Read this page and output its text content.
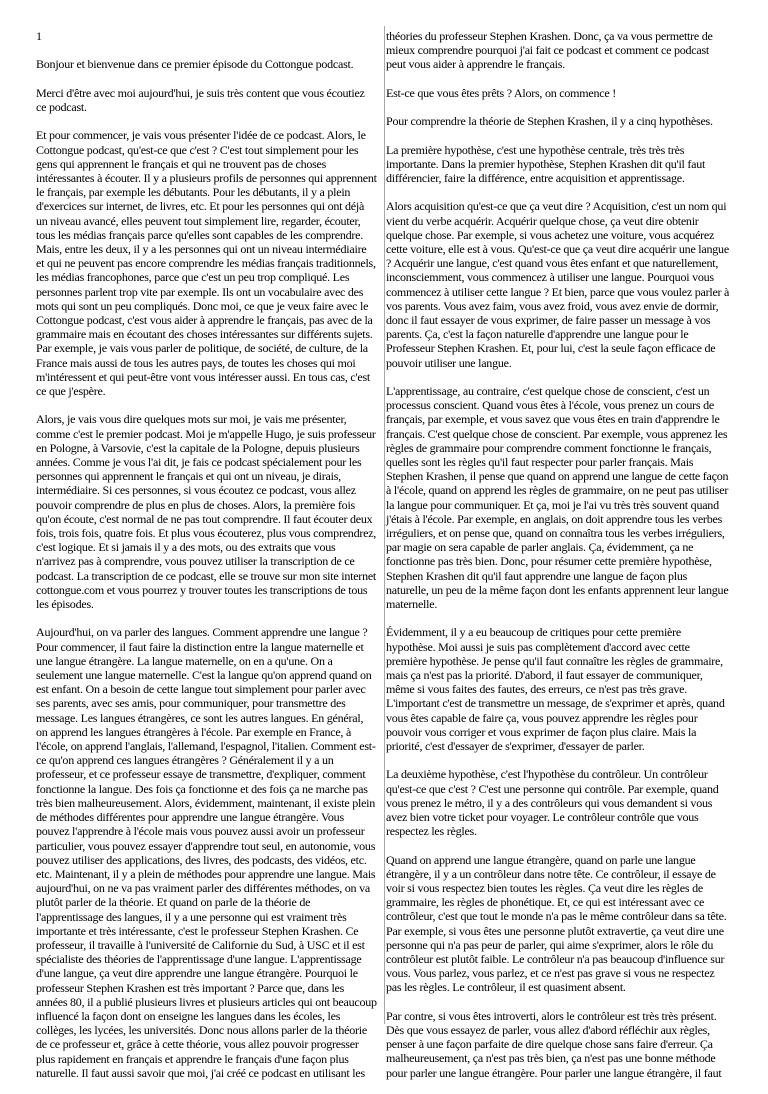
1

Bonjour et bienvenue dans ce premier épisode du Cottongue podcast.

Merci d'être avec moi aujourd'hui, je suis très content que vous écoutiez ce podcast.

Et pour commencer, je vais vous présenter l'idée de ce podcast. Alors, le Cottongue podcast, qu'est-ce que c'est ? C'est tout simplement pour les gens qui apprennent le français et qui ne trouvent pas de choses intéressantes à écouter. Il y a plusieurs profils de personnes qui apprennent le français, par exemple les débutants. Pour les débutants, il y a plein d'exercices sur internet, de livres, etc. Et pour les personnes qui ont déjà un niveau avancé, elles peuvent tout simplement lire, regarder, écouter, tous les médias français parce qu'elles sont capables de les comprendre. Mais, entre les deux, il y a les personnes qui ont un niveau intermédiaire et qui ne peuvent pas encore comprendre les médias français traditionnels, les médias francophones, parce que c'est un peu trop compliqué. Les personnes parlent trop vite par exemple. Ils ont un vocabulaire avec des mots qui sont un peu compliqués. Donc moi, ce que je veux faire avec le Cottongue podcast, c'est vous aider à apprendre le français, pas avec de la grammaire mais en écoutant des choses intéressantes sur différents sujets. Par exemple, je vais vous parler de politique, de société, de culture, de la France mais aussi de tous les autres pays, de toutes les choses qui moi m'intéressent et qui peut-être vont vous intéresser aussi. En tous cas, c'est ce que j'espère.

Alors, je vais vous dire quelques mots sur moi, je vais me présenter, comme c'est le premier podcast. Moi je m'appelle Hugo, je suis professeur en Pologne, à Varsovie, c'est la capitale de la Pologne, depuis plusieurs années. Comme je vous l'ai dit, je fais ce podcast spécialement pour les personnes qui apprennent le français et qui ont un niveau, je dirais, intermédiaire. Si ces personnes, si vous écoutez ce podcast, vous allez pouvoir comprendre de plus en plus de choses. Alors, la première fois qu'on écoute, c'est normal de ne pas tout comprendre. Il faut écouter deux fois, trois fois, quatre fois. Et plus vous écouterez, plus vous comprendrez, c'est logique. Et si jamais il y a des mots, ou des extraits que vous n'arrivez pas à comprendre, vous pouvez utiliser la transcription de ce podcast. La transcription de ce podcast, elle se trouve sur mon site internet cottongue.com et vous pourrez y trouver toutes les transcriptions de tous les épisodes.

Aujourd'hui, on va parler des langues. Comment apprendre une langue ? Pour commencer, il faut faire la distinction entre la langue maternelle et une langue étrangère. La langue maternelle, on en a qu'une. On a seulement une langue maternelle. C'est la langue qu'on apprend quand on est enfant. On a besoin de cette langue tout simplement pour parler avec ses parents, avec ses amis, pour communiquer, pour transmettre des message. Les langues étrangères, ce sont les autres langues. En général, on apprend les langues étrangères à l'école. Par exemple en France, à l'école, on apprend l'anglais, l'allemand, l'espagnol, l'italien. Comment est-ce qu'on apprend ces langues étrangères ? Généralement il y a un professeur, et ce professeur essaye de transmettre, d'expliquer, comment fonctionne la langue. Des fois ça fonctionne et des fois ça ne marche pas très bien malheureusement. Alors, évidemment, maintenant, il existe plein de méthodes différentes pour apprendre une langue étrangère. Vous pouvez l'apprendre à l'école mais vous pouvez aussi avoir un professeur particulier, vous pouvez essayer d'apprendre tout seul, en autonomie, vous pouvez utiliser des applications, des livres, des podcasts, des vidéos, etc. etc. Maintenant, il y a plein de méthodes pour apprendre une langue. Mais aujourd'hui, on ne va pas vraiment parler des différentes méthodes, on va plutôt parler de la théorie. Et quand on parle de la théorie de l'apprentissage des langues, il y a une personne qui est vraiment très importante et très intéressante, c'est le professeur Stephen Krashen. Ce professeur, il travaille à l'université de Californie du Sud, à USC et il est spécialiste des théories de l'apprentissage d'une langue. L'apprentissage d'une langue, ça veut dire apprendre une langue étrangère. Pourquoi le professeur Stephen Krashen est très important ? Parce que, dans les années 80, il a publié plusieurs livres et plusieurs articles qui ont beaucoup influencé la façon dont on enseigne les langues dans les écoles, les collèges, les lycées, les universités. Donc nous allons parler de la théorie de ce professeur et, grâce à cette théorie, vous allez pouvoir progresser plus rapidement en français et apprendre le français d'une façon plus naturelle. Il faut aussi savoir que moi, j'ai créé ce podcast en utilisant les

théories du professeur Stephen Krashen. Donc, ça va vous permettre de mieux comprendre pourquoi j'ai fait ce podcast et comment ce podcast peut vous aider à apprendre le français.

Est-ce que vous êtes prêts ? Alors, on commence !

Pour comprendre la théorie de Stephen Krashen, il y a cinq hypothèses.

La première hypothèse, c'est une hypothèse centrale, très très très importante. Dans la premier hypothèse, Stephen Krashen dit qu'il faut différencier, faire la différence, entre acquisition et apprentissage.

Alors acquisition qu'est-ce que ça veut dire ? Acquisition, c'est un nom qui vient du verbe acquérir. Acquérir quelque chose, ça veut dire obtenir quelque chose. Par exemple, si vous achetez une voiture, vous acquérez cette voiture, elle est à vous. Qu'est-ce que ça veut dire acquérir une langue ? Acquérir une langue, c'est quand vous êtes enfant et que naturellement, inconsciemment, vous commencez à utiliser une langue. Pourquoi vous commencez à utiliser cette langue ? Et bien, parce que vous voulez parler à vos parents. Vous avez faim, vous avez froid, vous avez envie de dormir, donc il faut essayer de vous exprimer, de faire passer un message à vos parents. Ça, c'est la façon naturelle d'apprendre une langue pour le Professeur Stephen Krashen. Et, pour lui, c'est la seule façon efficace de pouvoir utiliser une langue.

L'apprentissage, au contraire, c'est quelque chose de conscient, c'est un processus conscient. Quand vous êtes à l'école, vous prenez un cours de français, par exemple, et vous savez que vous êtes en train d'apprendre le français. C'est quelque chose de conscient. Par exemple, vous apprenez les règles de grammaire pour comprendre comment fonctionne le français, quelles sont les règles qu'il faut respecter pour parler français. Mais Stephen Krashen, il pense que quand on apprend une langue de cette façon à l'école, quand on apprend les règles de grammaire, on ne peut pas utiliser la langue pour communiquer. Et ça, moi je l'ai vu très très souvent quand j'étais à l'école. Par exemple, en anglais, on doit apprendre tous les verbes irréguliers, et on pense que, quand on connaîtra tous les verbes irréguliers, par magie on sera capable de parler anglais. Ça, évidemment, ça ne fonctionne pas très bien. Donc, pour résumer cette première hypothèse, Stephen Krashen dit qu'il faut apprendre une langue de façon plus naturelle, un peu de la même façon dont les enfants apprennent leur langue maternelle.

Évidemment, il y a eu beaucoup de critiques pour cette première hypothèse. Moi aussi je suis pas complètement d'accord avec cette première hypothèse. Je pense qu'il faut connaître les règles de grammaire, mais ça n'est pas la priorité. D'abord, il faut essayer de communiquer, même si vous faites des fautes, des erreurs, ce n'est pas très grave. L'important c'est de transmettre un message, de s'exprimer et après, quand vous êtes capable de faire ça, vous pouvez apprendre les règles pour pouvoir vous corriger et vous exprimer de façon plus claire. Mais la priorité, c'est d'essayer de s'exprimer, d'essayer de parler.

La deuxième hypothèse, c'est l'hypothèse du contrôleur. Un contrôleur qu'est-ce que c'est ? C'est une personne qui contrôle. Par exemple, quand vous prenez le métro, il y a des contrôleurs qui vous demandent si vous avez bien votre ticket pour voyager. Le contrôleur contrôle que vous respectez les règles.

Quand on apprend une langue étrangère, quand on parle une langue étrangère, il y a un contrôleur dans notre tête. Ce contrôleur, il essaye de voir si vous respectez bien toutes les règles. Ça veut dire les règles de grammaire, les règles de phonétique. Et, ce qui est intéressant avec ce contrôleur, c'est que tout le monde n'a pas le même contrôleur dans sa tête. Par exemple, si vous êtes une personne plutôt extravertie, ça veut dire une personne qui n'a pas peur de parler, qui aime s'exprimer, alors le rôle du contrôleur est plutôt faible. Le contrôleur n'a pas beaucoup d'influence sur vous. Vous parlez, vous parlez, et ce n'est pas grave si vous ne respectez pas les règles. Le contrôleur, il est quasiment absent.

Par contre, si vous êtes introverti, alors le contrôleur est très très présent. Dès que vous essayez de parler, vous allez d'abord réfléchir aux règles, penser à une façon parfaite de dire quelque chose sans faire d'erreur. Ça malheureusement, ça n'est pas très bien, ça n'est pas une bonne méthode pour parler une langue étrangère. Pour parler une langue étrangère, il faut
